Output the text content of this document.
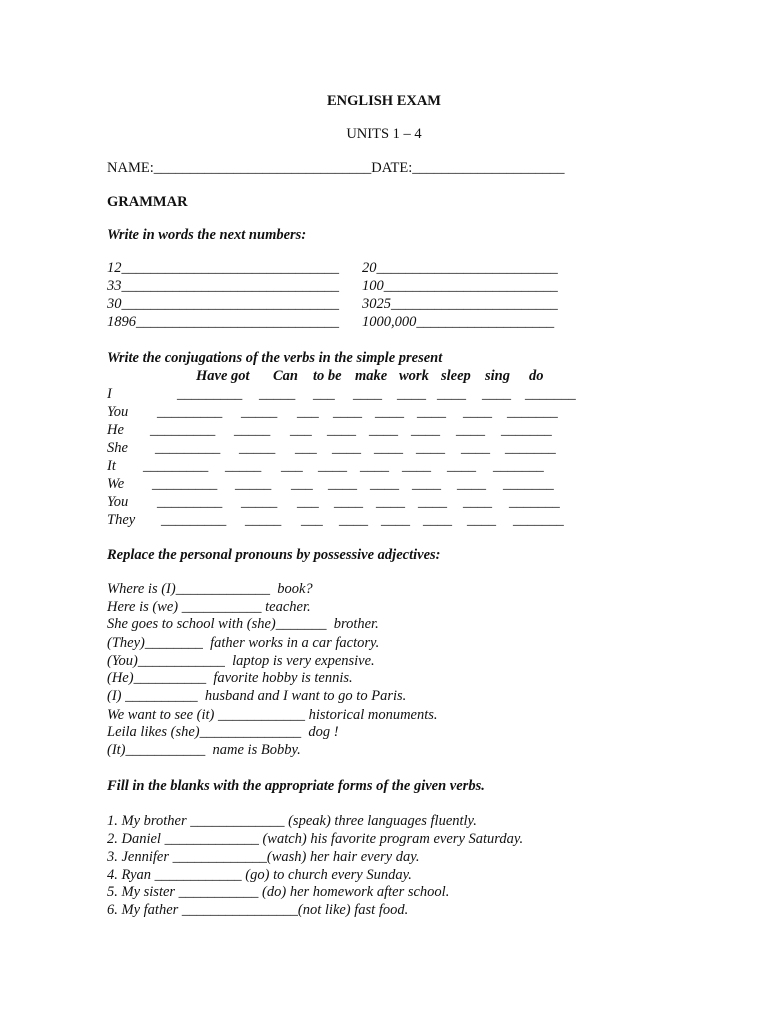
ENGLISH EXAM
UNITS 1 – 4
NAME:______________________________DATE:_____________________
GRAMMAR
Write in words the next numbers:

12______________________________

20_________________________

33______________________________

100________________________

30______________________________

3025_______________________

1896____________________________

1000,000___________________

Write the conjugations of the verbs in the simple present

Have got

Can

to be

make

work

sleep

sing

do

I

	_________

_____

___

____

____

____

____

_______

You

_________

_____

___

____

____

____

____

_______

He

_________

_____

___

____

____

____

____

_______

She

_________

_____

___

____

____

____

____

_______

It

_________

_____

___

____

____

____

____

_______

We

_________

_____

___

____

____

____

____

_______

You

_________

_____

___

____

____

____

____

_______

They

_________

_____

___

____

____

____

____

_______

Replace the personal pronouns by possessive adjectives:
Where is (I)_____________  book?
Here is (we) ___________ teacher.
She goes to school with (she)_______  brother.
(They)________  father works in a car factory.
(You)____________  laptop is very expensive.
(He)__________  favorite hobby is tennis.
(I) __________  husband and I want to go to Paris.
We want to see (it) ____________ historical monuments.
Leila likes (she)______________  dog !
(It)___________  name is Bobby.
Fill in the blanks with the appropriate forms of the given verbs.
1. My brother _____________ (speak) three languages fluently.
2. Daniel _____________ (watch) his favorite program every Saturday.
3. Jennifer _____________(wash) her hair every day.
4. Ryan ____________ (go) to church every Sunday.
5. My sister ___________ (do) her homework after school.
6. My father ________________(not like) fast food.
